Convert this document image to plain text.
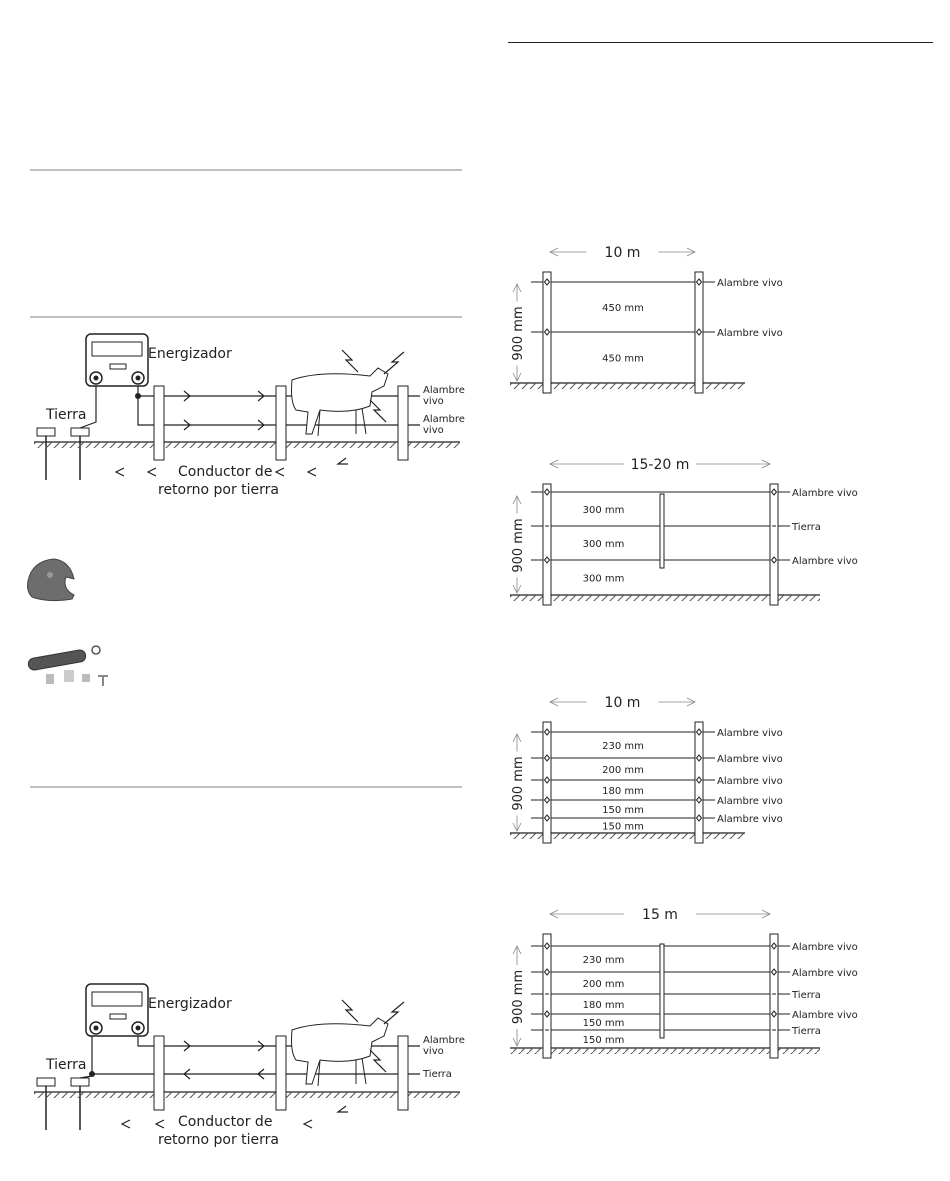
Energizador
Tierra
Alambre
vivo
Alambre
vivo
Conductor de
retorno por tierra
Energizador
Tierra
Alambre
vivo
Tierra
Conductor de
retorno por tierra
10 m
900 mm	450 mm
450 mm
Alambre vivo
Alambre vivo
15-20 m
900 mm
300 mm
300 mm
300 mm
Alambre vivo
Tierra
Alambre vivo
10 m
900 mm
230 mm
200 mm
180 mm
150 mm
150 mm
Alambre vivo
Alambre vivo
Alambre vivo
Alambre vivo
Alambre vivo
15 m
900 mm
230 mm
200 mm
180 mm
150 mm
150 mm
Alambre vivo
Alambre vivo
Tierra
Alambre vivo
Tierra
